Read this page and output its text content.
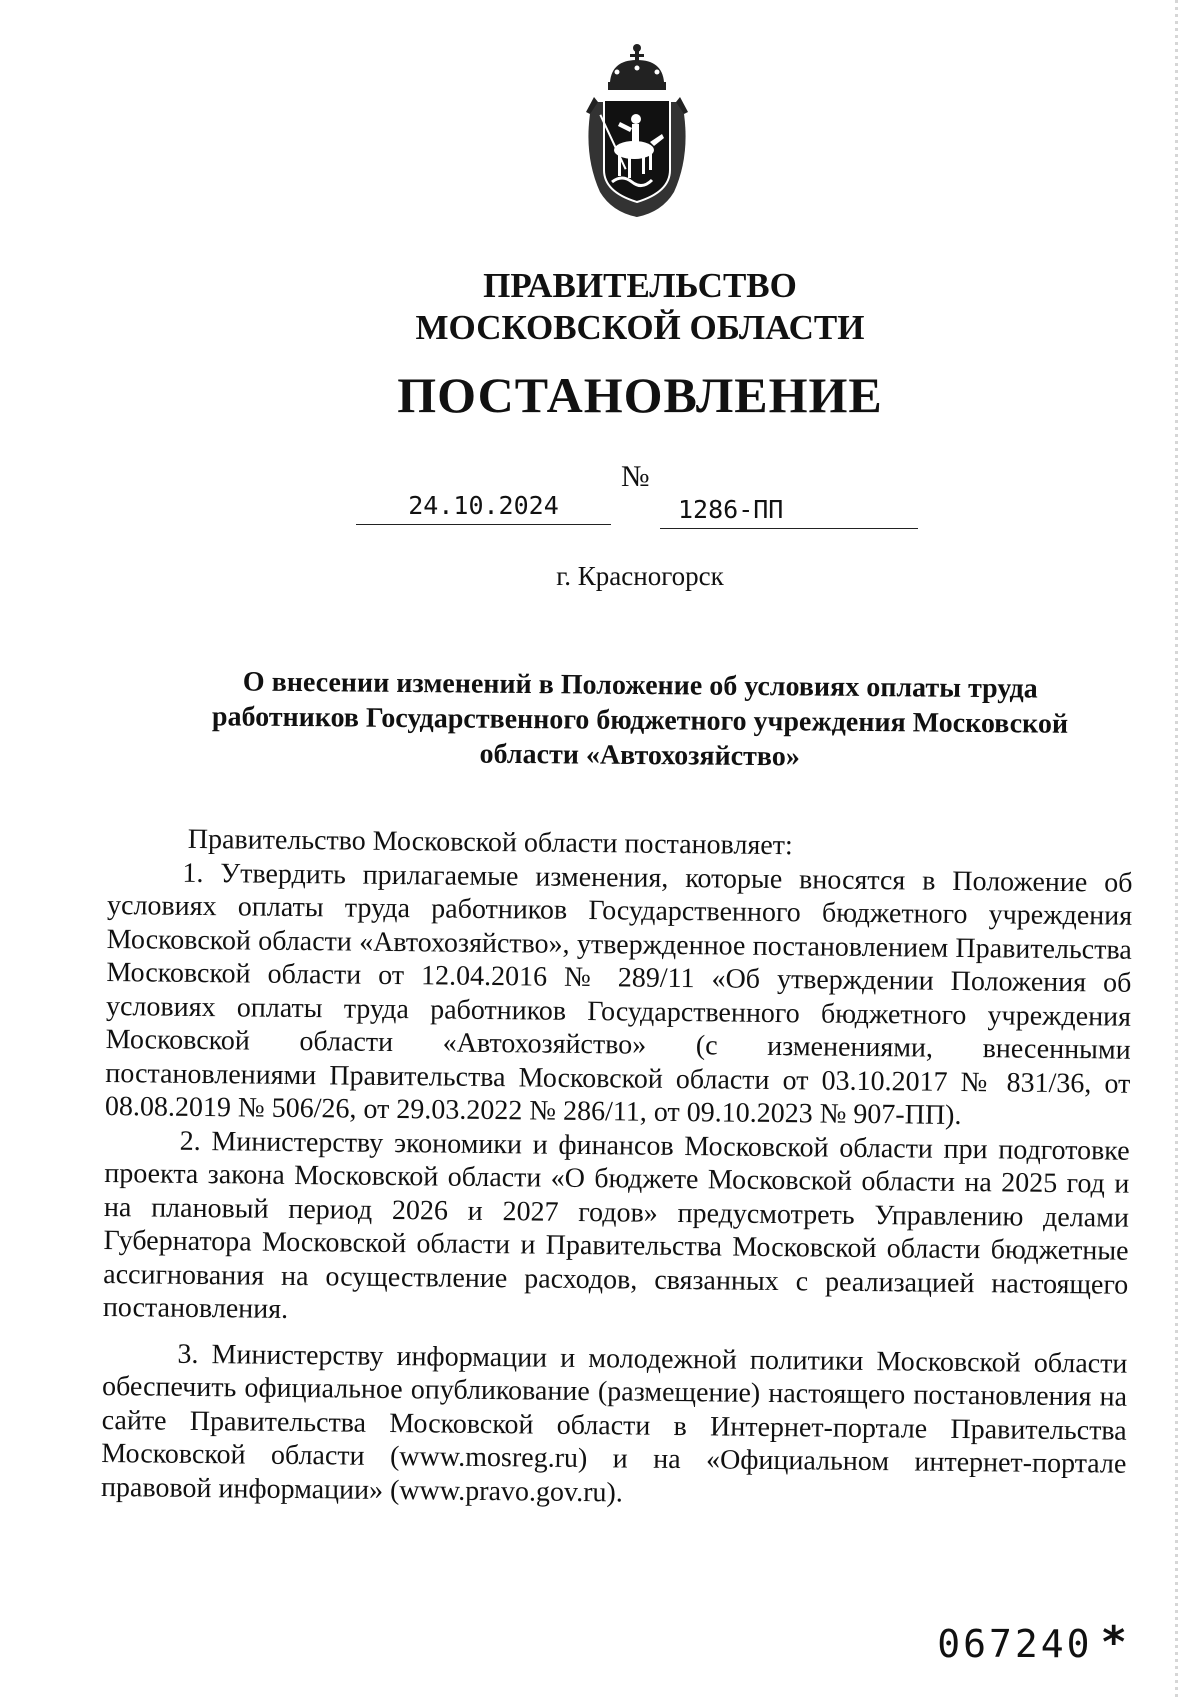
ПРАВИТЕЛЬСТВО
МОСКОВСКОЙ ОБЛАСТИ
ПОСТАНОВЛЕНИЕ
24.10.2024
№
1286-ПП
г. Красногорск
О внесении изменений в Положение об условиях оплаты труда
работников Государственного бюджетного учреждения Московской
области «Автохозяйство»

Правительство Московской области постановляет:

1. Утвердить прилагаемые изменения, которые вносятся в Положение об условиях оплаты труда работников Государственного бюджетного учреждения Московской области «Автохозяйство», утвержденное постановлением Правительства Московской области от 12.04.2016 № 289/11 «Об утверждении Положения об условиях оплаты труда работников Государственного бюджетного учреждения Московской области «Автохозяйство» (с изменениями, внесенными постановлениями Правительства Московской области от 03.10.2017 № 831/36, от 08.08.2019 № 506/26, от 29.03.2022 № 286/11, от 09.10.2023 № 907-ПП).

2. Министерству экономики и финансов Московской области при подготовке проекта закона Московской области «О бюджете Московской области на 2025 год и на плановый период 2026 и 2027 годов» предусмотреть Управлению делами Губернатора Московской области и Правительства Московской области бюджетные ассигнования на осуществление расходов, связанных с реализацией настоящего постановления.

3. Министерству информации и молодежной политики Московской области обеспечить официальное опубликование (размещение) настоящего постановления на сайте Правительства Московской области в Интернет-портале Правительства Московской области (www.mosreg.ru) и на «Официальном интернет-портале правовой информации» (www.pravo.gov.ru).

067240 *
